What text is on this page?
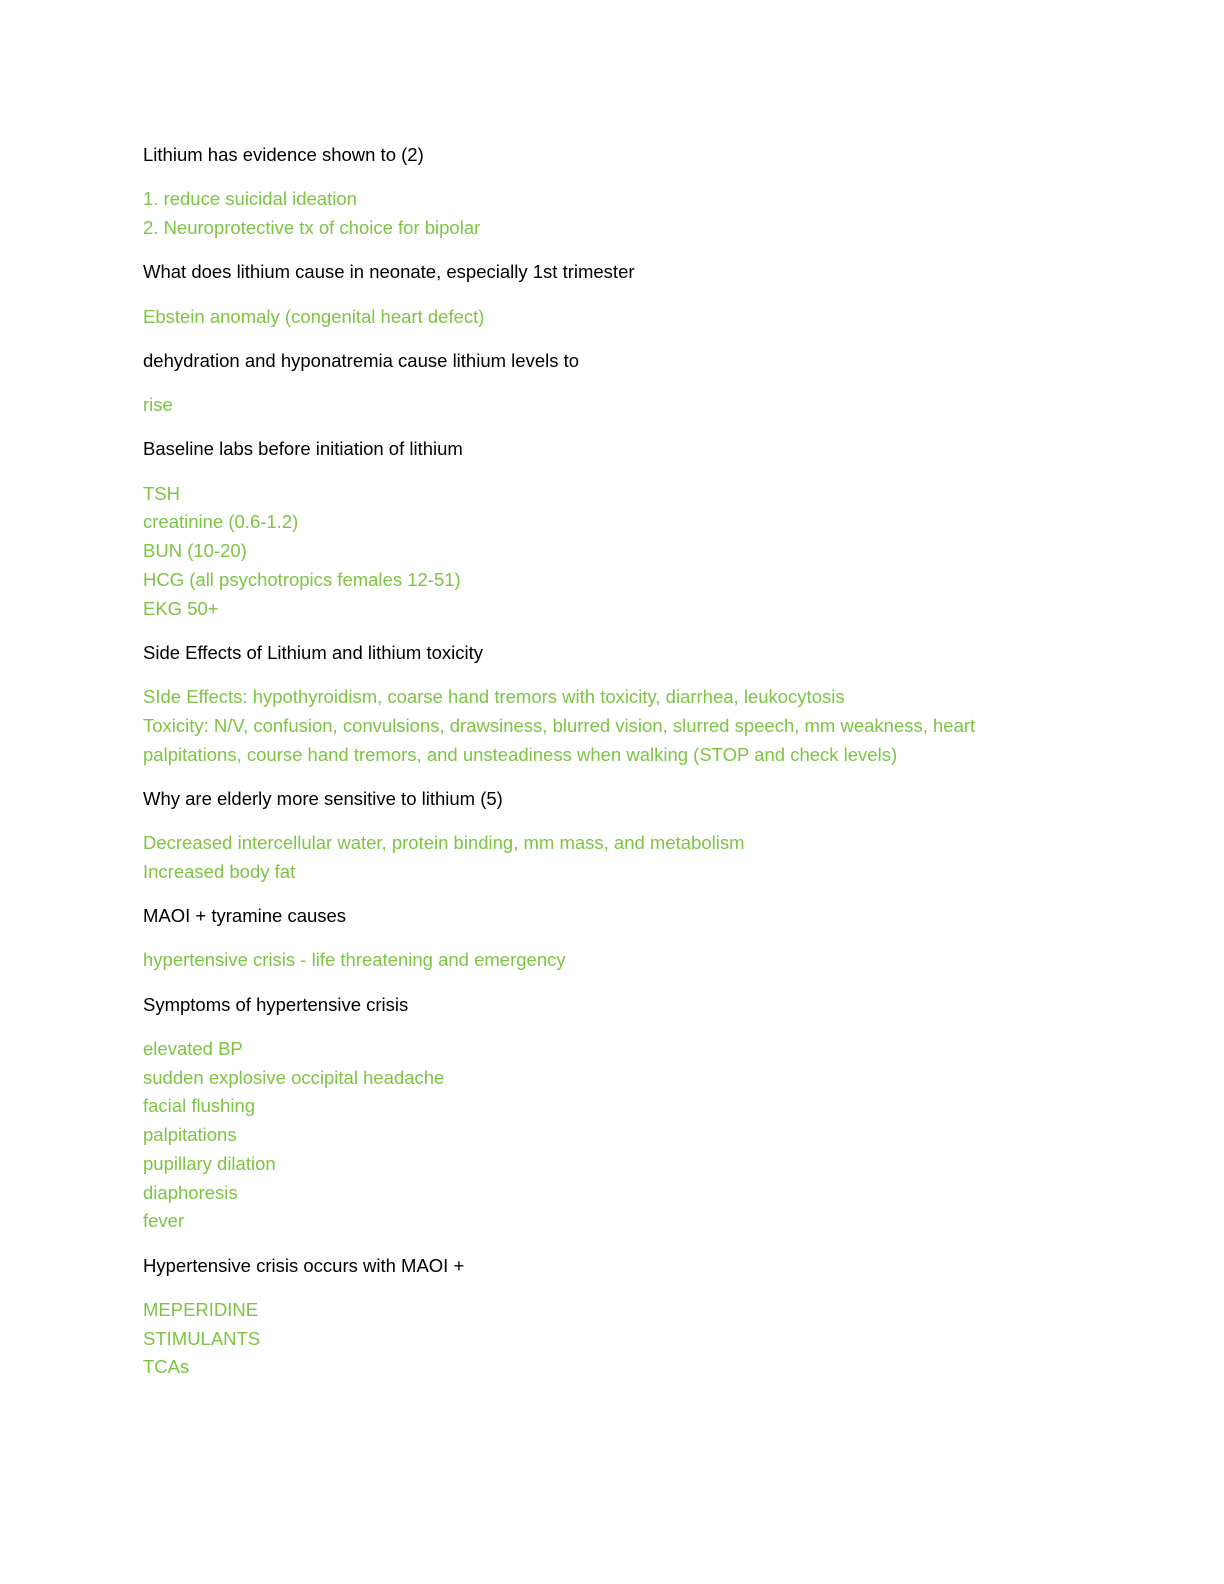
Lithium has evidence shown to (2)

1. reduce suicidal ideation
2. Neuroprotective tx of choice for bipolar

What does lithium cause in neonate, especially 1st trimester

Ebstein anomaly (congenital heart defect)

dehydration and hyponatremia cause lithium levels to

rise

Baseline labs before initiation of lithium

TSH
creatinine (0.6-1.2)
BUN (10-20)
HCG (all psychotropics females 12-51)
EKG 50+

Side Effects of Lithium and lithium toxicity

SIde Effects: hypothyroidism, coarse hand tremors with toxicity, diarrhea, leukocytosis
Toxicity: N/V, confusion, convulsions, drawsiness, blurred vision, slurred speech, mm weakness, heart palpitations, course hand tremors, and unsteadiness when walking (STOP and check levels)

Why are elderly more sensitive to lithium (5)

Decreased intercellular water, protein binding, mm mass, and metabolism
Increased body fat

MAOI + tyramine causes

hypertensive crisis - life threatening and emergency

Symptoms of hypertensive crisis

elevated BP
sudden explosive occipital headache
facial flushing
palpitations
pupillary dilation
diaphoresis
fever

Hypertensive crisis occurs with MAOI +

MEPERIDINE
STIMULANTS
TCAs
